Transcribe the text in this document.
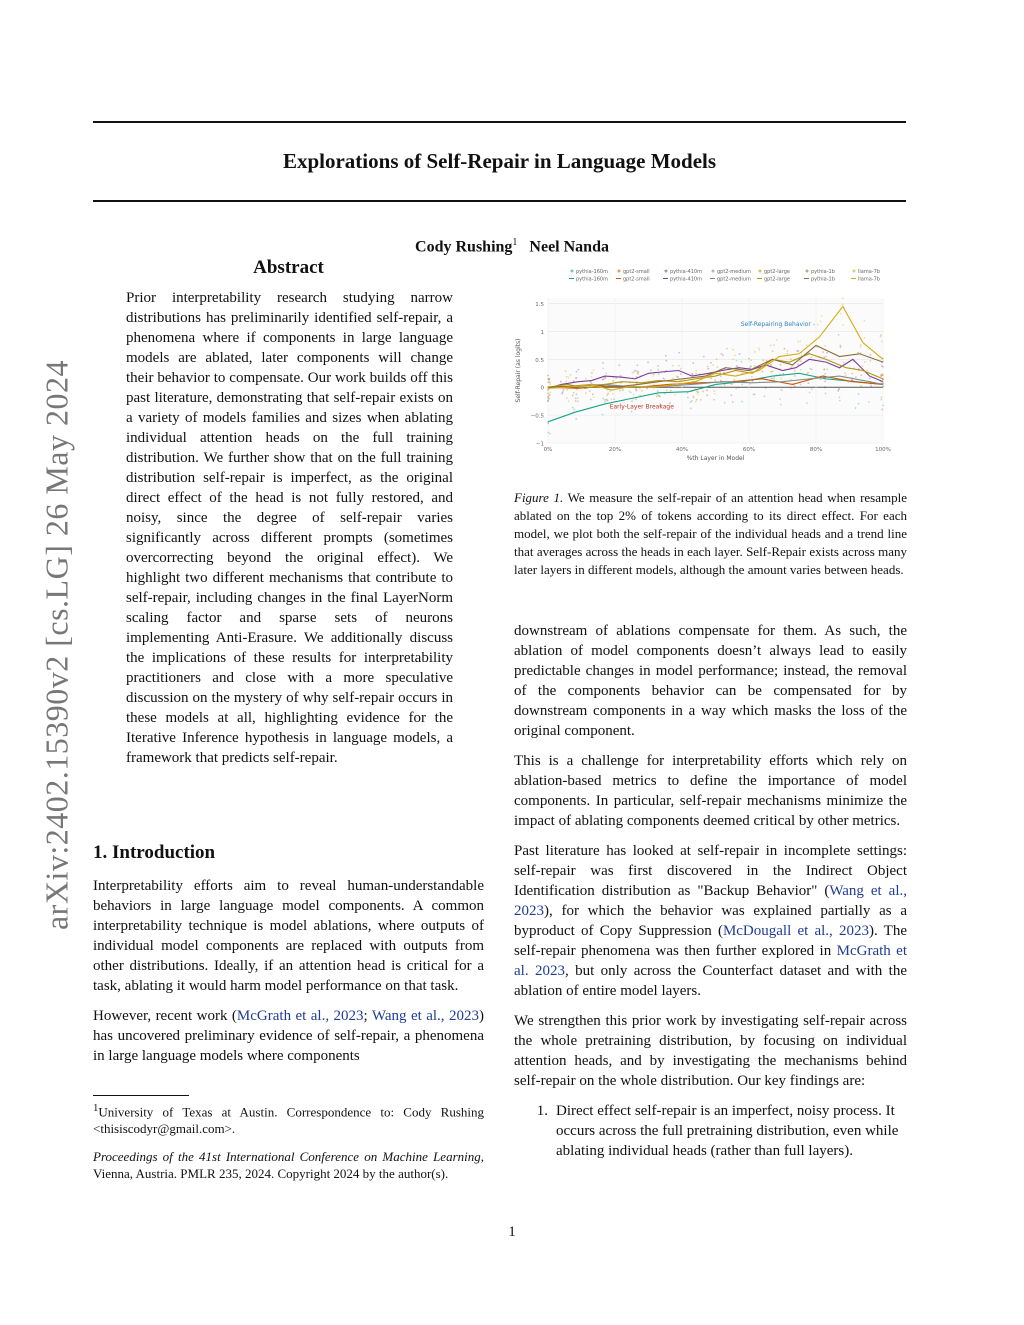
Explorations of Self-Repair in Language Models
arXiv:2402.15390v2 [cs.LG] 26 May 2024
Cody Rushing$^1$ Neel Nanda
Abstract
Prior interpretability research studying narrow distributions has preliminarily identified self-repair, a phenomena where if components in large language models are ablated, later components will change their behavior to compensate. Our work builds off this past literature, demonstrating that self-repair exists on a variety of models families and sizes when ablating individual attention heads on the full training distribution. We further show that on the full training distribution self-repair is imperfect, as the original direct effect of the head is not fully restored, and noisy, since the degree of self-repair varies significantly across different prompts (sometimes overcorrecting beyond the original effect). We highlight two different mechanisms that contribute to self-repair, including changes in the final LayerNorm scaling factor and sparse sets of neurons implementing Anti-Erasure. We additionally discuss the implications of these results for interpretability practitioners and close with a more speculative discussion on the mystery of why self-repair occurs in these models at all, highlighting evidence for the Iterative Inference hypothesis in language models, a framework that predicts self-repair.
1. Introduction

Interpretability efforts aim to reveal human-understandable behaviors in large language model components. A common interpretability technique is model ablations, where outputs of individual model components are replaced with outputs from other distributions. Ideally, if an attention head is critical for a task, ablating it would harm model performance on that task.

However, recent work (McGrath et al., 2023; Wang et al., 2023) has uncovered preliminary evidence of self-repair, a phenomena in large language models where components

$^1$University of Texas at Austin. Correspondence to: Cody Rushing <thisiscodyr@gmail.com>.
Proceedings of the 41st International Conference on Machine Learning, Vienna, Austria. PMLR 235, 2024. Copyright 2024 by the author(s).
pythia-160m
pythia-160m
gpt2-small
gpt2-small
pythia-410m
pythia-410m
gpt2-medium
gpt2-medium
gpt2-large
gpt2-large
pythia-1b
pythia-1b
llama-7b
llama-7b
−1
−0.5
0
0.5
1
1.5
0%	20%	40%	60%	80%	100%
%th Layer in Model
Self-Repair (as logits)
Self-Repairing Behavior
Early-Layer Breakage
Figure 1. We measure the self-repair of an attention head when resample ablated on the top 2% of tokens according to its direct effect. For each model, we plot both the self-repair of the individual heads and a trend line that averages across the heads in each layer. Self-Repair exists across many later layers in different models, although the amount varies between heads.

downstream of ablations compensate for them. As such, the ablation of model components doesn’t always lead to easily predictable changes in model performance; instead, the removal of the components behavior can be compensated for by downstream components in a way which masks the loss of the original component.

This is a challenge for interpretability efforts which rely on ablation-based metrics to define the importance of model components. In particular, self-repair mechanisms minimize the impact of ablating components deemed critical by other metrics.

Past literature has looked at self-repair in incomplete settings: self-repair was first discovered in the Indirect Object Identification distribution as "Backup Behavior" (Wang et al., 2023), for which the behavior was explained partially as a byproduct of Copy Suppression (McDougall et al., 2023). The self-repair phenomena was then further explored in McGrath et al. 2023, but only across the Counterfact dataset and with the ablation of entire model layers.

We strengthen this prior work by investigating self-repair across the whole pretraining distribution, by focusing on individual attention heads, and by investigating the mechanisms behind self-repair on the whole distribution. Our key findings are:

1. Direct effect self-repair is an imperfect, noisy process. It occurs across the full pretraining distribution, even while ablating individual heads (rather than full layers).
1
